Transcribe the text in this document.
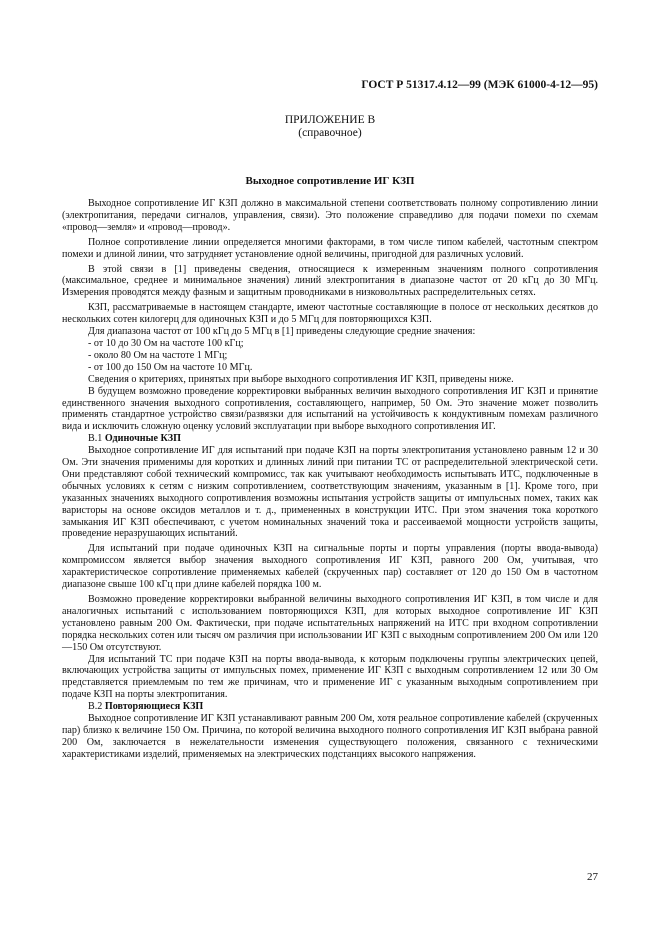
ГОСТ Р 51317.4.12—99 (МЭК 61000-4-12—95)
ПРИЛОЖЕНИЕ В
(справочное)
Выходное сопротивление ИГ КЗП

Выходное сопротивление ИГ КЗП должно в максимальной степени соответствовать полному сопротивлению линии (электропитания, передачи сигналов, управления, связи). Это положение справедливо для подачи помехи по схемам «провод—земля» и «провод—провод».

Полное сопротивление линии определяется многими факторами, в том числе типом кабелей, частотным спектром помехи и длиной линии, что затрудняет установление одной величины, пригодной для различных условий.

В этой связи в [1] приведены сведения, относящиеся к измеренным значениям полного сопротивления (максимальное, среднее и минимальное значения) линий электропитания в диапазоне частот от 20 кГц до 30 МГц. Измерения проводятся между фазным и защитным проводниками в низковольтных распределительных сетях.

КЗП, рассматриваемые в настоящем стандарте, имеют частотные составляющие в полосе от нескольких десятков до нескольких сотен килогерц для одиночных КЗП и до 5 МГц для повторяющихся КЗП.

Для диапазона частот от 100 кГц до 5 МГц в [1] приведены следующие средние значения:

- от 10 до 30 Ом на частоте 100 кГц;

- около 80 Ом на частоте 1 МГц;

- от 100 до 150 Ом на частоте 10 МГц.

Сведения о критериях, принятых при выборе выходного сопротивления ИГ КЗП, приведены ниже.

В будущем возможно проведение корректировки выбранных величин выходного сопротивления ИГ КЗП и принятие единственного значения выходного сопротивления, составляющего, например, 50 Ом. Это значение может позволить применять стандартное устройство связи/развязки для испытаний на устойчивость к кондуктивным помехам различного вида и исключить сложную оценку условий эксплуатации при выборе выходного сопротивления ИГ.

В.1 Одиночные КЗП

Выходное сопротивление ИГ для испытаний при подаче КЗП на порты электропитания установлено равным 12 и 30 Ом. Эти значения применимы для коротких и длинных линий при питании ТС от распределительной электрической сети. Они представляют собой технический компромисс, так как учитывают необходимость испытывать ИТС, подключенные в обычных условиях к сетям с низким сопротивлением, соответствующим значениям, указанным в [1]. Кроме того, при указанных значениях выходного сопротивления возможны испытания устройств защиты от импульсных помех, таких как варисторы на основе оксидов металлов и т. д., примененных в конструкции ИТС. При этом значения тока короткого замыкания ИГ КЗП обеспечивают, с учетом номинальных значений тока и рассеиваемой мощности устройств защиты, проведение неразрушающих испытаний.

Для испытаний при подаче одиночных КЗП на сигнальные порты и порты управления (порты ввода-вывода) компромиссом является выбор значения выходного сопротивления ИГ КЗП, равного 200 Ом, учитывая, что характеристическое сопротивление применяемых кабелей (скрученных пар) составляет от 120 до 150 Ом в частотном диапазоне свыше 100 кГц при длине кабелей порядка 100 м.

Возможно проведение корректировки выбранной величины выходного сопротивления ИГ КЗП, в том числе и для аналогичных испытаний с использованием повторяющихся КЗП, для которых выходное сопротивление ИГ КЗП установлено равным 200 Ом. Фактически, при подаче испытательных напряжений на ИТС при входном сопротивлении порядка нескольких сотен или тысяч ом различия при использовании ИГ КЗП с выходным сопротивлением 200 Ом или 120—150 Ом отсутствуют.

Для испытаний ТС при подаче КЗП на порты ввода-вывода, к которым подключены группы электрических цепей, включающих устройства защиты от импульсных помех, применение ИГ КЗП с выходным сопротивлением 12 или 30 Ом представляется приемлемым по тем же причинам, что и применение ИГ с указанным выходным сопротивлением при подаче КЗП на порты электропитания.

В.2 Повторяющиеся КЗП

Выходное сопротивление ИГ КЗП устанавливают равным 200 Ом, хотя реальное сопротивление кабелей (скрученных пар) близко к величине 150 Ом. Причина, по которой величина выходного полного сопротивления ИГ КЗП выбрана равной 200 Ом, заключается в нежелательности изменения существующего положения, связанного с техническими характеристиками изделий, применяемых на электрических подстанциях высокого напряжения.

27
